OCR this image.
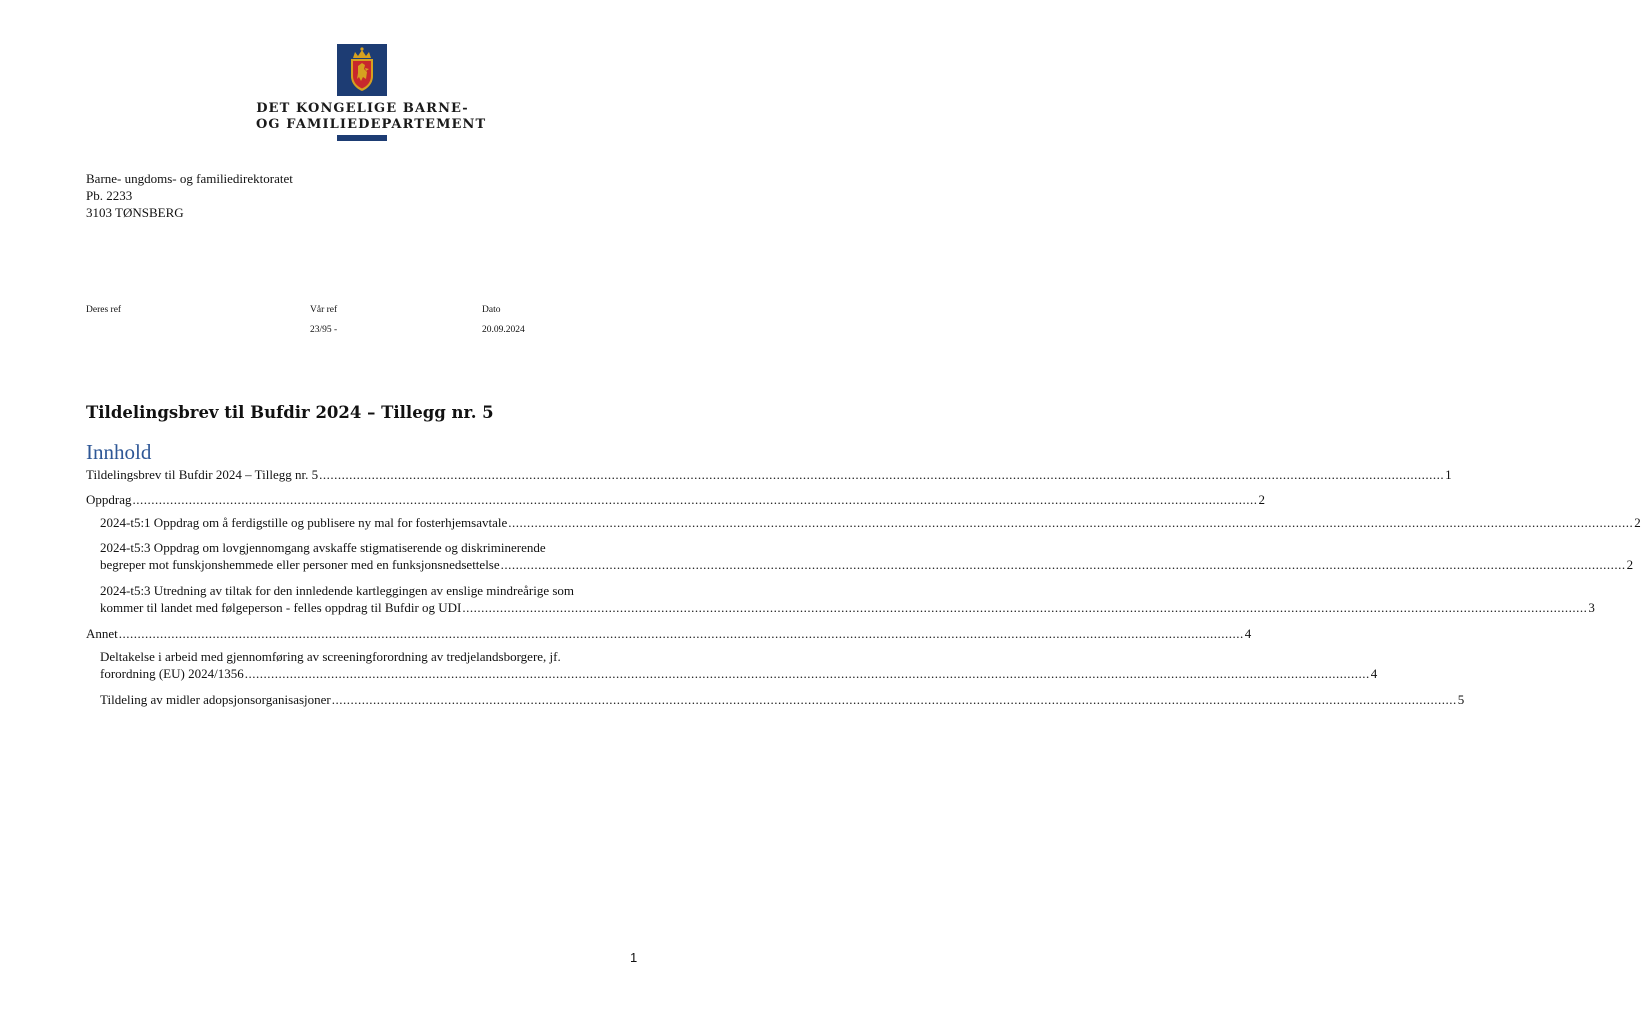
DET KONGELIGE BARNE-
OG FAMILIEDEPARTEMENT
Barne- ungdoms- og familiedirektoratet
Pb. 2233
3103 TØNSBERG
Deres ref	Vår ref
23/95 -
Dato
20.09.2024
Tildelingsbrev til Bufdir 2024 – Tillegg nr. 5
Innhold
Tildelingsbrev til Bufdir 2024 – Tillegg nr. 5 ............................................................................................................................................................................................................................................................................................................ 1
Oppdrag ............................................................................................................................................................................................................................................................................................................ 2
2024-t5:1 Oppdrag om å ferdigstille og publisere ny mal for fosterhjemsavtale ............................................................................................................................................................................................................................................................................................................ 2
2024-t5:3 Oppdrag om lovgjennomgang avskaffe stigmatiserende og diskriminerende
begreper mot funskjonshemmede eller personer med en funksjonsnedsettelse ............................................................................................................................................................................................................................................................................................................ 2
2024-t5:3 Utredning av tiltak for den innledende kartleggingen av enslige mindreårige som
kommer til landet med følgeperson - felles oppdrag til Bufdir og UDI ............................................................................................................................................................................................................................................................................................................ 3
Annet ............................................................................................................................................................................................................................................................................................................ 4
Deltakelse i arbeid med gjennomføring av screeningforordning av tredjelandsborgere, jf.
forordning (EU) 2024/1356 ............................................................................................................................................................................................................................................................................................................ 4
Tildeling av midler adopsjonsorganisasjoner ............................................................................................................................................................................................................................................................................................................ 5
1
